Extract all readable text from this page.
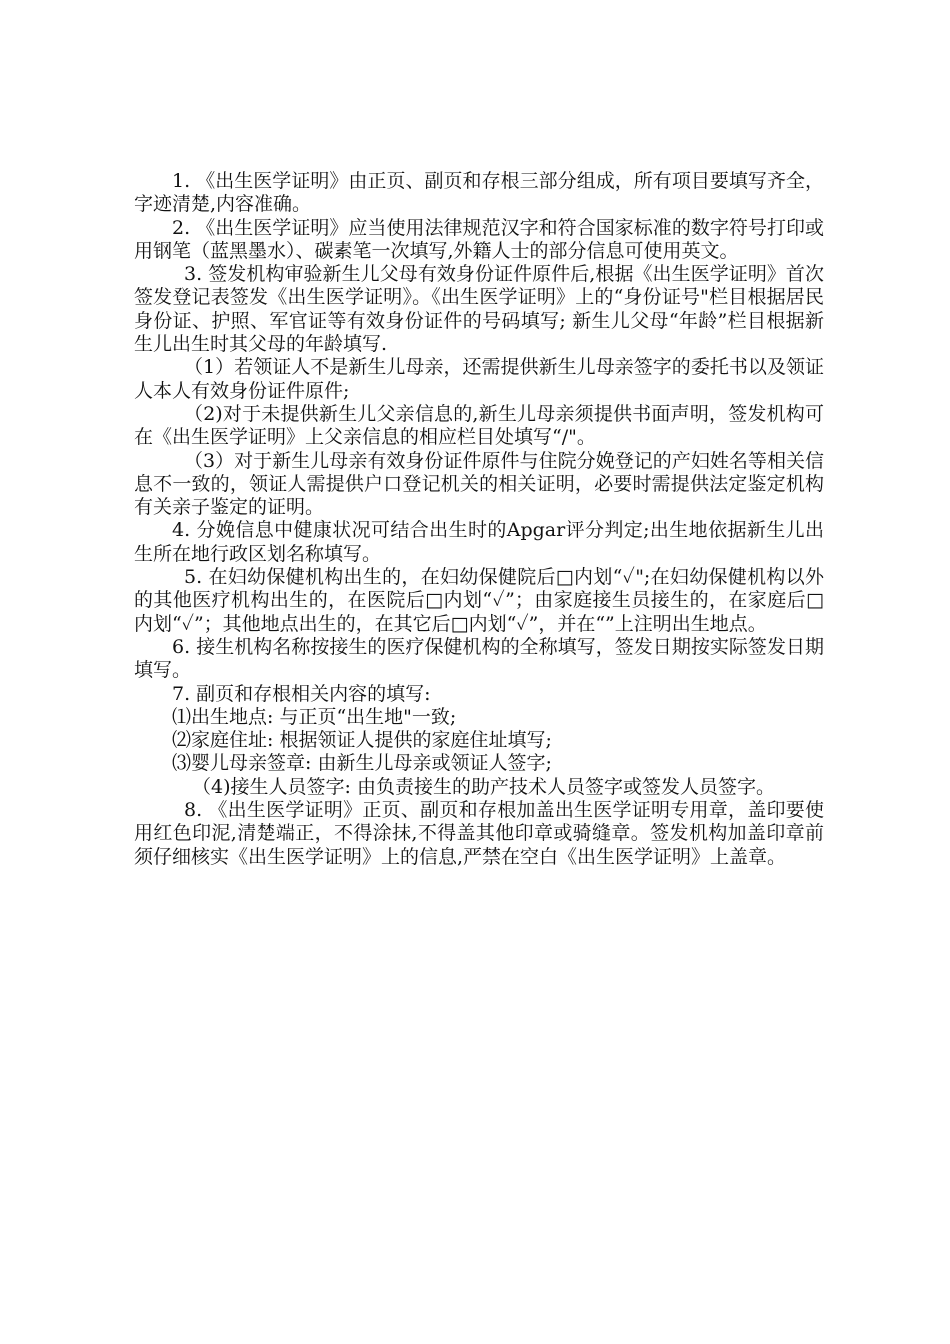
1. 《出生医学证明》由正页、副页和存根三部分组成，所有项目要填写齐全，字迹清楚,内容准确。

2. 《出生医学证明》应当使用法律规范汉字和符合国家标准的数字符号打印或用钢笔（蓝黑墨水）、碳素笔一次填写,外籍人士的部分信息可使用英文。

3. 签发机构审验新生儿父母有效身份证件原件后,根据《出生医学证明》首次签发登记表签发《出生医学证明》。《出生医学证明》上的“身份证号"栏目根据居民身份证、护照、军官证等有效身份证件的号码填写; 新生儿父母“年龄”栏目根据新生儿出生时其父母的年龄填写.

（1）若领证人不是新生儿母亲，还需提供新生儿母亲签字的委托书以及领证人本人有效身份证件原件;

（2)对于未提供新生儿父亲信息的,新生儿母亲须提供书面声明，签发机构可在《出生医学证明》上父亲信息的相应栏目处填写“/"。

（3）对于新生儿母亲有效身份证件原件与住院分娩登记的产妇姓名等相关信息不一致的，领证人需提供户口登记机关的相关证明，必要时需提供法定鉴定机构有关亲子鉴定的证明。

4. 分娩信息中健康状况可结合出生时的Apgar评分判定;出生地依据新生儿出生所在地行政区划名称填写。

5. 在妇幼保健机构出生的，在妇幼保健院后□内划“✓";在妇幼保健机构以外的其他医疗机构出生的，在医院后□内划“✓”；由家庭接生员接生的，在家庭后□内划“✓”；其他地点出生的，在其它后□内划“✓”，并在“”上注明出生地点。

6. 接生机构名称按接生的医疗保健机构的全称填写，签发日期按实际签发日期填写。

7. 副页和存根相关内容的填写:

⑴出生地点: 与正页“出生地"一致;

⑵家庭住址: 根据领证人提供的家庭住址填写;

⑶婴儿母亲签章: 由新生儿母亲或领证人签字;

（4)接生人员签字: 由负责接生的助产技术人员签字或签发人员签字。

8. 《出生医学证明》正页、副页和存根加盖出生医学证明专用章，盖印要使用红色印泥,清楚端正，不得涂抹,不得盖其他印章或骑缝章。签发机构加盖印章前须仔细核实《出生医学证明》上的信息,严禁在空白《出生医学证明》上盖章。
